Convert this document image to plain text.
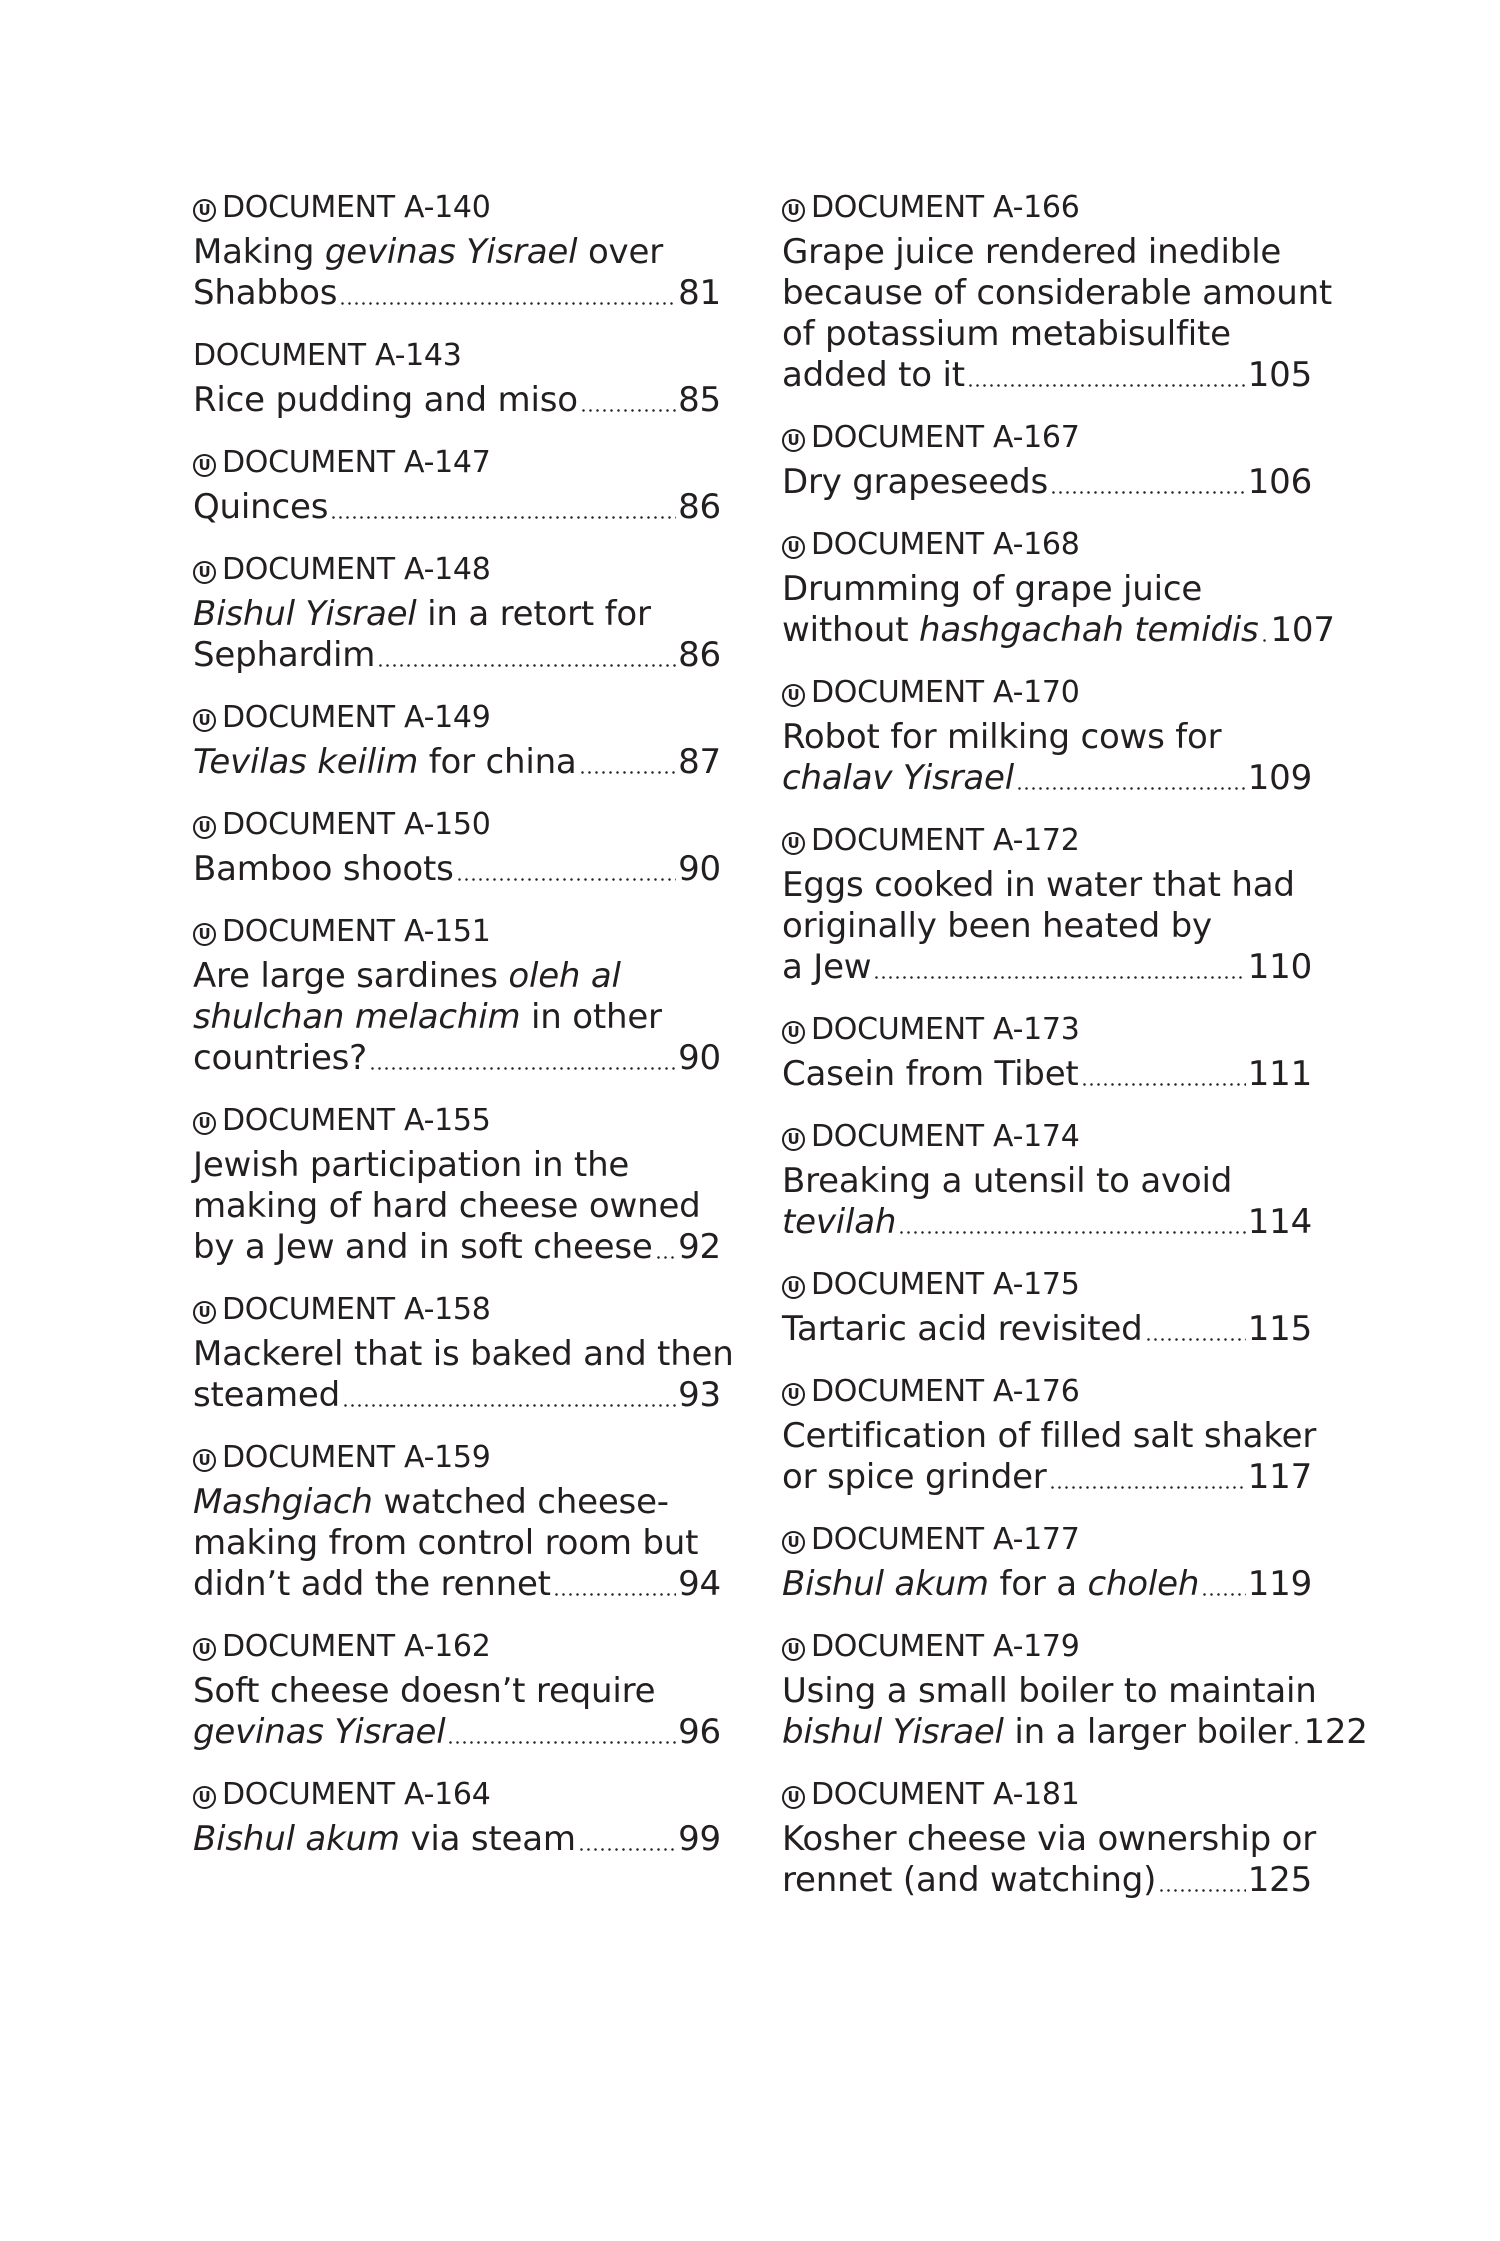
U DOCUMENT A-140
Making gevinas Yisrael over
Shabbos	81
DOCUMENT A-143
Rice pudding and miso	85
U DOCUMENT A-147
Quinces	86
U DOCUMENT A-148
Bishul Yisrael in a retort for
Sephardim	86
U DOCUMENT A-149
Tevilas keilim for china	87
U DOCUMENT A-150
Bamboo shoots	90
U DOCUMENT A-151
Are large sardines oleh al
shulchan melachim in other
countries?	90
U DOCUMENT A-155
Jewish participation in the
making of hard cheese owned
by a Jew and in soft cheese 92
U DOCUMENT A-158
Mackerel that is baked and then
steamed	93
U DOCUMENT A-159
Mashgiach watched cheese-
making from control room but
didn’t add the rennet	94
U DOCUMENT A-162
Soft cheese doesn’t require
gevinas Yisrael	96
U DOCUMENT A-164
Bishul akum via steam	99
U DOCUMENT A-166
Grape juice rendered inedible
because of considerable amount
of potassium metabisulfite
added to it	105
U DOCUMENT A-167
Dry grapeseeds	106
U DOCUMENT A-168
Drumming of grape juice
without hashgachah temidis 107
U DOCUMENT A-170
Robot for milking cows for
chalav Yisrael	109
U DOCUMENT A-172
Eggs cooked in water that had
originally been heated by
a Jew	110
U DOCUMENT A-173
Casein from Tibet	111
U DOCUMENT A-174
Breaking a utensil to avoid
tevilah	114
U DOCUMENT A-175
Tartaric acid revisited	115
U DOCUMENT A-176
Certification of filled salt shaker
or spice grinder	117
U DOCUMENT A-177
Bishul akum for a choleh 119
U DOCUMENT A-179
Using a small boiler to maintain
bishul Yisrael in a larger boiler 122
U DOCUMENT A-181
Kosher cheese via ownership or
rennet (and watching)	125
